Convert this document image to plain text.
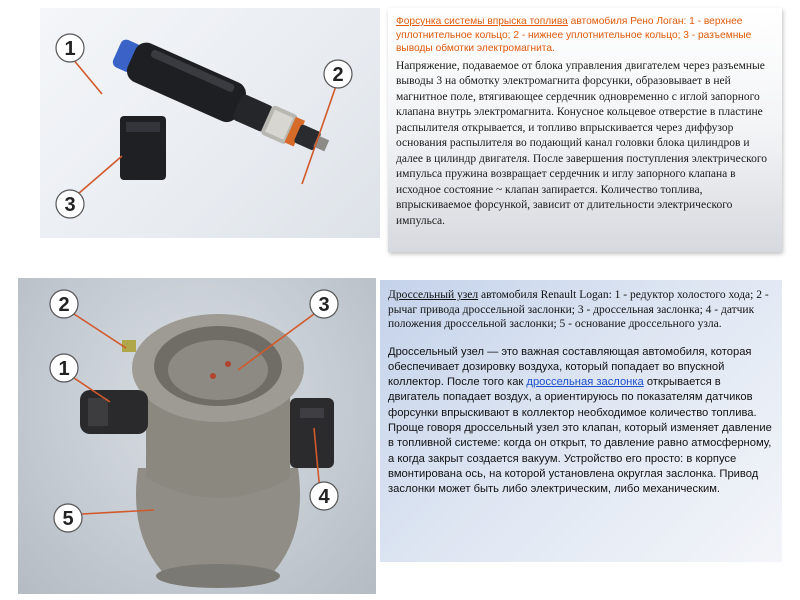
1
2
3
2	3
1
4
5
Форсунка системы впрыска топлива автомобиля Рено Логан: 1 - верхнее уплотнительное кольцо; 2 - нижнее уплотнительное кольцо; 3 - разъемные выводы обмотки электромагнита.
Напряжение, подаваемое от блока управления двигателем через разъемные выводы 3 на обмотку электромагнита форсунки, образовывает в ней магнитное поле, втягивающее сердечник одновременно с иглой запорного клапана внутрь электромагнита. Конусное кольцевое отверстие в пластине распылителя открывается, и топливо впрыскивается через диффузор основания распылителя во подающий канал головки блока цилиндров и далее в цилиндр двигателя. После завершения поступления электрического импульса пружина возвращает сердечник и иглу запорного клапана в исходное состояние ~ клапан запирается. Количество топлива, впрыскиваемое форсункой, зависит от длительности электрического импульса.
Дроссельный узел автомобиля Renault Logan: 1 - редуктор холостого хода; 2 - рычаг привода дроссельной заслонки; 3 - дроссельная заслонка; 4 - датчик положения дроссельной заслонки; 5 - основание дроссельного узла.
Дроссельный узел — это важная составляющая автомобиля, которая обеспечивает дозировку воздуха, который попадает во впускной коллектор. После того как дроссельная заслонка открывается в двигатель попадает воздух, а ориентируюсь по показателям датчиков форсунки впрыскивают в коллектор необходимое количество топлива. Проще говоря дроссельный узел это клапан, который изменяет давление в топливной системе: когда он открыт, то давление равно атмосферному, а когда закрыт создается вакуум. Устройство его просто: в корпусе вмонтирована ось, на которой установлена округлая заслонка. Привод заслонки может быть либо электрическим, либо механическим.
